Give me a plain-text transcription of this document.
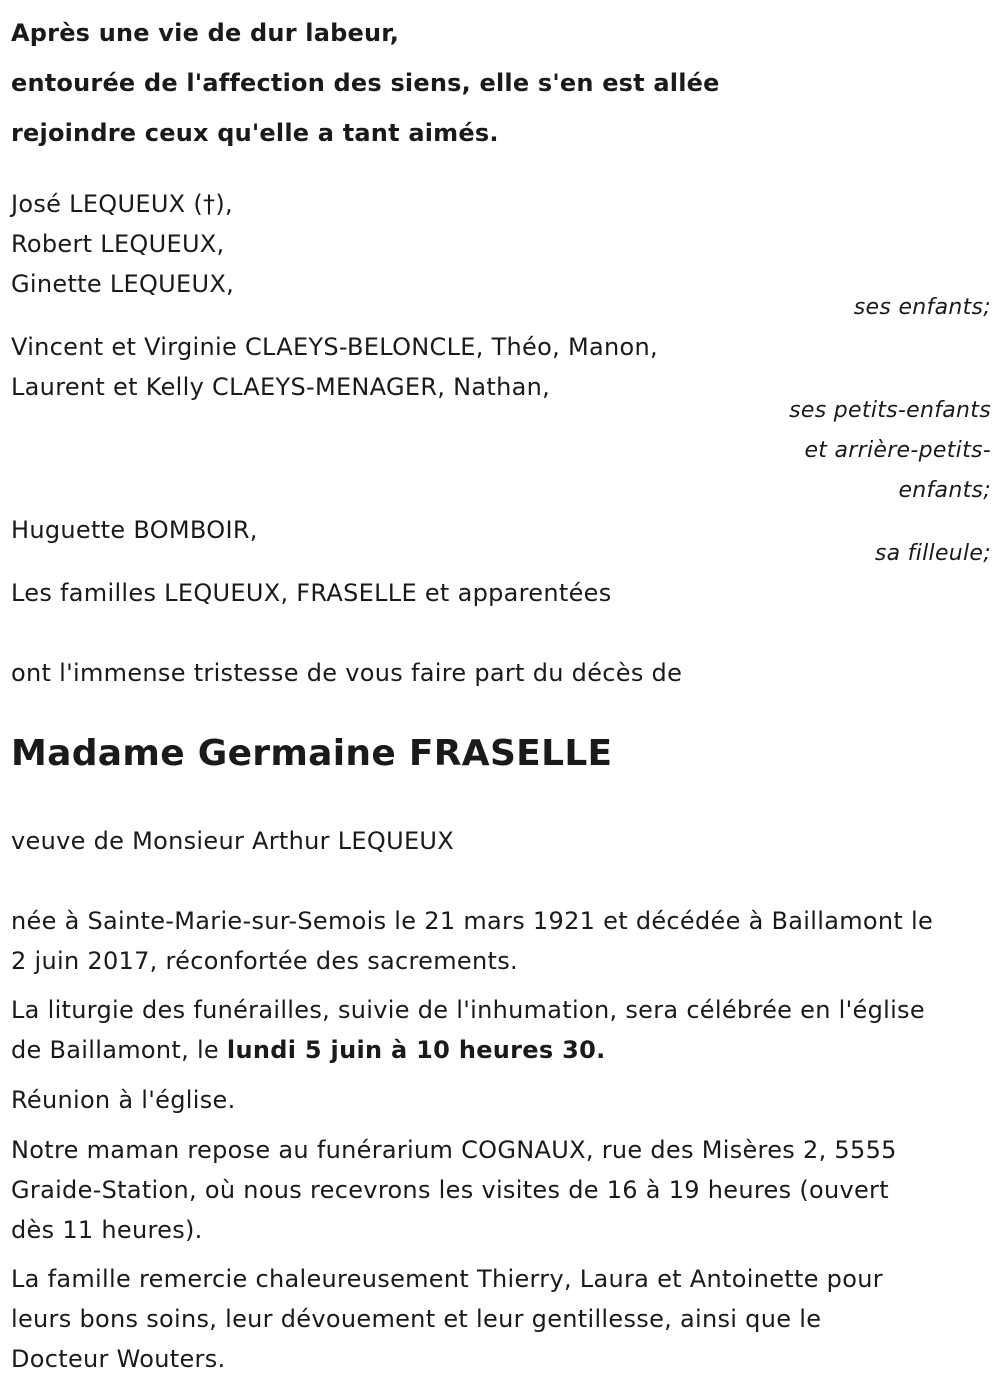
Après une vie de dur labeur,
entourée de l'affection des siens, elle s'en est allée
rejoindre ceux qu'elle a tant aimés.
José LEQUEUX (†),
Robert LEQUEUX,
Ginette LEQUEUX,
ses enfants;
Vincent et Virginie CLAEYS-BELONCLE, Théo, Manon,
Laurent et Kelly CLAEYS-MENAGER, Nathan,
ses petits-enfants
et arrière-petits-
enfants;
Huguette BOMBOIR,
sa filleule;
Les familles LEQUEUX, FRASELLE et apparentées
ont l'immense tristesse de vous faire part du décès de
Madame Germaine FRASELLE
veuve de Monsieur Arthur LEQUEUX
née à Sainte-Marie-sur-Semois le 21 mars 1921 et décédée à Baillamont le
2 juin 2017, réconfortée des sacrements.
La liturgie des funérailles, suivie de l'inhumation, sera célébrée en l'église
de Baillamont, le lundi 5 juin à 10 heures 30.
Réunion à l'église.
Notre maman repose au funérarium COGNAUX, rue des Misères 2, 5555
Graide-Station, où nous recevrons les visites de 16 à 19 heures (ouvert
dès 11 heures).
La famille remercie chaleureusement Thierry, Laura et Antoinette pour
leurs bons soins, leur dévouement et leur gentillesse, ainsi que le
Docteur Wouters.
